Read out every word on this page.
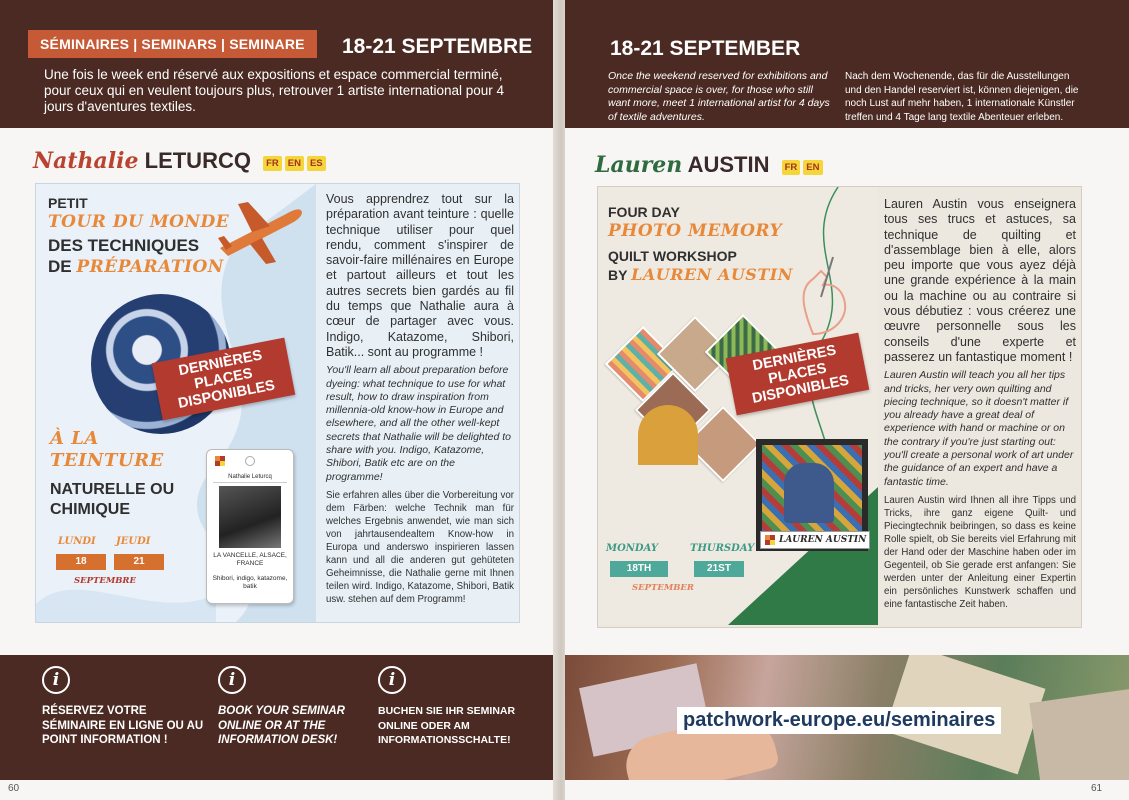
SÉMINAIRES | SEMINARS | SEMINARE	18-21 SEPTEMBRE
Une fois le week end réservé aux expositions et espace commercial terminé, pour ceux qui en veulent toujours plus, retrouver 1 artiste international pour 4 jours d'aventures textiles.
Nathalie LETURCQ FR EN ES
PETIT
TOUR DU MONDE
DES TECHNIQUES
DE PRÉPARATION
DERNIÈRES PLACES DISPONIBLES
À LA
TEINTURE
NATURELLE OU
CHIMIQUE
LUNDI JEUDI
18	21
SEPTEMBRE
Nathalie Leturcq
LA VANCELLE, ALSACE, FRANCE
Shibori, indigo, katazome, batik
Vous apprendrez tout sur la préparation avant teinture : quelle technique utiliser pour quel rendu, comment s'inspirer de savoir-faire millénaires en Europe et partout ailleurs et tout les autres secrets bien gardés au fil du temps que Nathalie aura à cœur de partager avec vous. Indigo, Katazome, Shibori, Batik... sont au programme !
You'll learn all about preparation before dyeing: what technique to use for what result, how to draw inspiration from millennia-old know-how in Europe and elsewhere, and all the other well-kept secrets that Nathalie will be delighted to share with you. Indigo, Katazome, Shibori, Batik etc are on the programme!
Sie erfahren alles über die Vorbereitung vor dem Färben: welche Technik man für welches Ergebnis anwendet, wie man sich von jahrtausendealtem Know-how in Europa und anderswo inspirieren lassen kann und all die anderen gut gehüteten Geheimnisse, die Nathalie gerne mit Ihnen teilen wird. Indigo, Katazome, Shibori, Batik usw. stehen auf dem Programm!
i
RÉSERVEZ VOTRE SÉMINAIRE EN LIGNE OU AU POINT INFORMATION !
i
BOOK YOUR SEMINAR ONLINE OR AT THE INFORMATION DESK!
i
BUCHEN SIE IHR SEMINAR ONLINE ODER AM INFORMATIONSSCHALTE!
60
18-21 SEPTEMBER
Once the weekend reserved for exhibitions and commercial space is over, for those who still want more, meet 1 international artist for 4 days of textile adventures.
Nach dem Wochenende, das für die Ausstellungen und den Handel reserviert ist, können diejenigen, die noch Lust auf mehr haben, 1 internationale Künstler treffen und 4 Tage lang textile Abenteuer erleben.
Lauren AUSTIN FR EN
FOUR DAY
PHOTO MEMORY
QUILT WORKSHOP
BY LAUREN AUSTIN
DERNIÈRES PLACES DISPONIBLES
LAUREN AUSTIN
MONDAY	THURSDAY
18TH	21ST
SEPTEMBER
Lauren Austin vous enseignera tous ses trucs et astuces, sa technique de quilting et d'assemblage bien à elle, alors peu importe que vous ayez déjà une grande expérience à la main ou la machine ou au contraire si vous débutiez : vous créerez une œuvre personnelle sous les conseils d'une experte et passerez un fantastique moment !
Lauren Austin will teach you all her tips and tricks, her very own quilting and piecing technique, so it doesn't matter if you already have a great deal of experience with hand or machine or on the contrary if you're just starting out: you'll create a personal work of art under the guidance of an expert and have a fantastic time.
Lauren Austin wird Ihnen all ihre Tipps und Tricks, ihre ganz eigene Quilt- und Piecingtechnik beibringen, so dass es keine Rolle spielt, ob Sie bereits viel Erfahrung mit der Hand oder der Maschine haben oder im Gegenteil, ob Sie gerade erst anfangen: Sie werden unter der Anleitung einer Expertin ein persönliches Kunstwerk schaffen und eine fantastische Zeit haben.
patchwork-europe.eu/seminaires
61
